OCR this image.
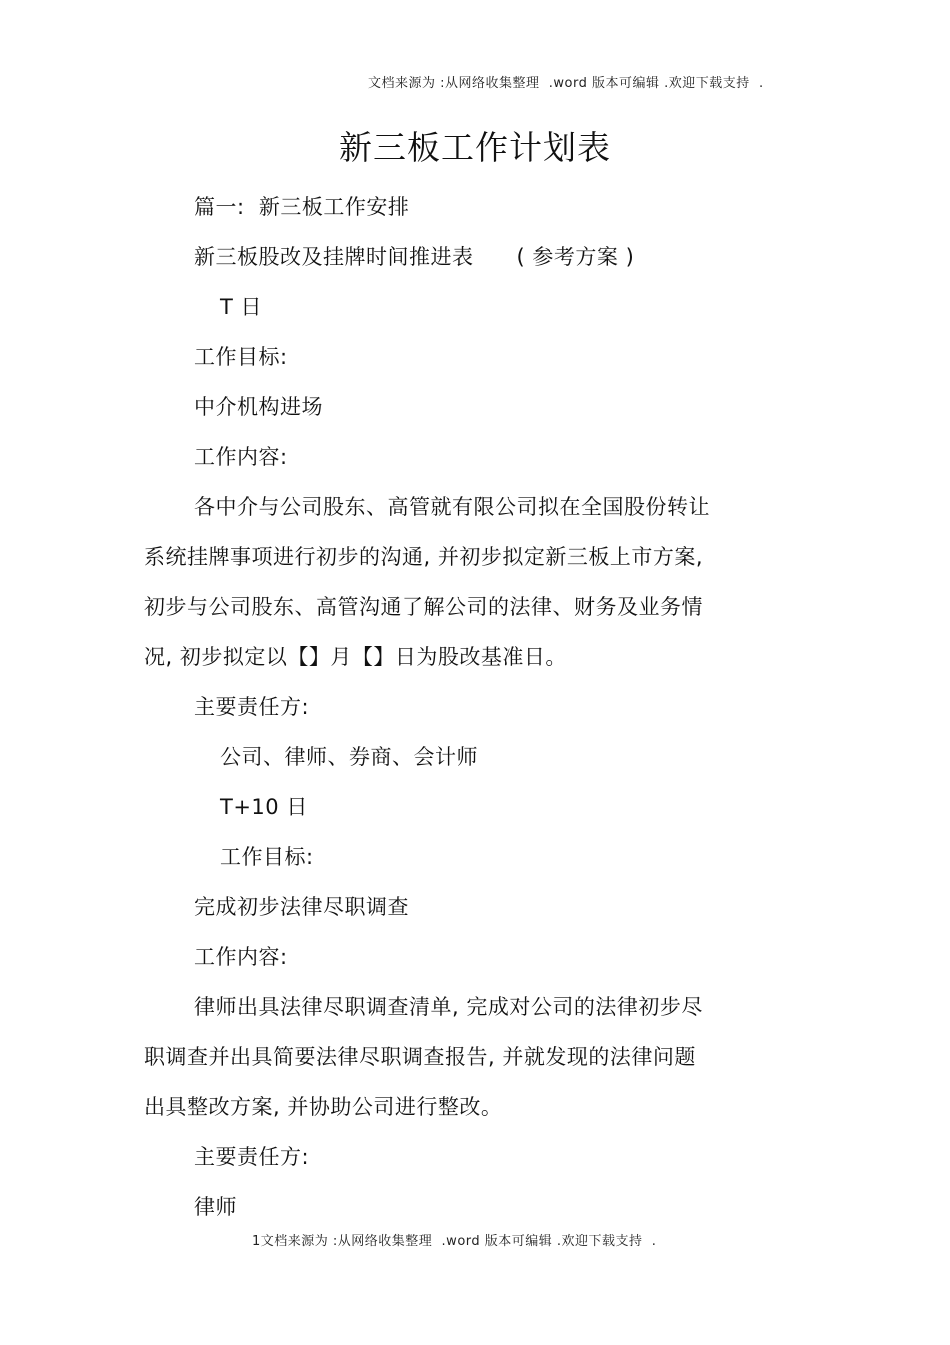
文档来源为 :从网络收集整理  .word 版本可编辑 .欢迎下载支持  .
新三板工作计划表
篇一:  新三板工作安排
新三板股改及挂牌时间推进表      ( 参考方案 )
T 日
工作目标:
中介机构进场
工作内容:
各中介与公司股东、高管就有限公司拟在全国股份转让
系统挂牌事项进行初步的沟通, 并初步拟定新三板上市方案,
初步与公司股东、高管沟通了解公司的法律、财务及业务情
况, 初步拟定以【】月【】日为股改基准日。
主要责任方:
公司、律师、券商、会计师
T+10 日
工作目标:
完成初步法律尽职调查
工作内容:
律师出具法律尽职调查清单, 完成对公司的法律初步尽
职调查并出具简要法律尽职调查报告, 并就发现的法律问题
出具整改方案, 并协助公司进行整改。
主要责任方:
律师
1文档来源为 :从网络收集整理  .word 版本可编辑 .欢迎下载支持  .
